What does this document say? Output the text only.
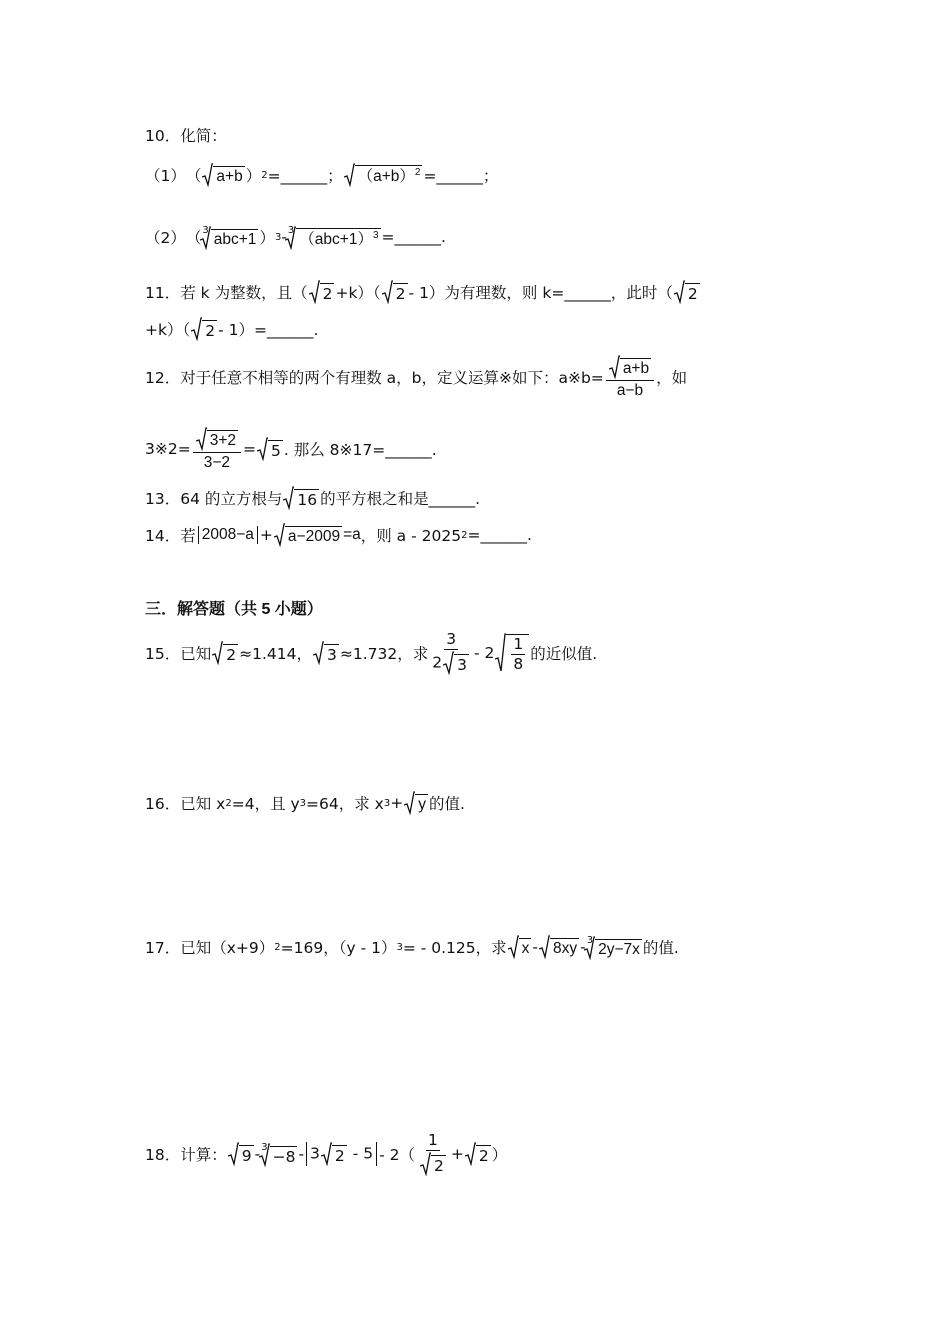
10． 化简：
（1） （ a+b ） 2 =______； $(a+b)^2$ =______；
（2） （ 3
abc+1 ） 3 - 3
$(abc+1)^3$ =______.
11． 若 k 为整数，且（ 2 +k）（ 2 - 1）为有理数，则 k=______，此时（ 2
+k）（ 2 - 1）=______.
12． 对于任意不相等的两个有理数 a，b，定义运算※如下：a※b= $\frac{a+b}{a-b}$ ，如
3※2= $\frac{3+2}{3-2} = 5$ . 那么 8※17=______.
13． 64 的立方根与 16 的平方根之和是______.
14． 若 2008−a + a−2009 =a ，则 a - 2025 2 =______.
三．解答题（共 5 小题）
15． 已知 2 ≈1.414， 3 ≈1.732，求
3
2 3
- $2 \frac{1}{8}$ 的近似值.
16． 已知 x 2 =4，且 y 3 =64，求 x 3 + y 的值.
17． 已知（x+9） 2 =169，（y - 1） 3 = - 0.125，求 x - 8xy - 3
2y−7x 的值.
18． 计算： 9 - 3
−8 - 3 2 - 5 - 2（
1
2
+ 2 ）
